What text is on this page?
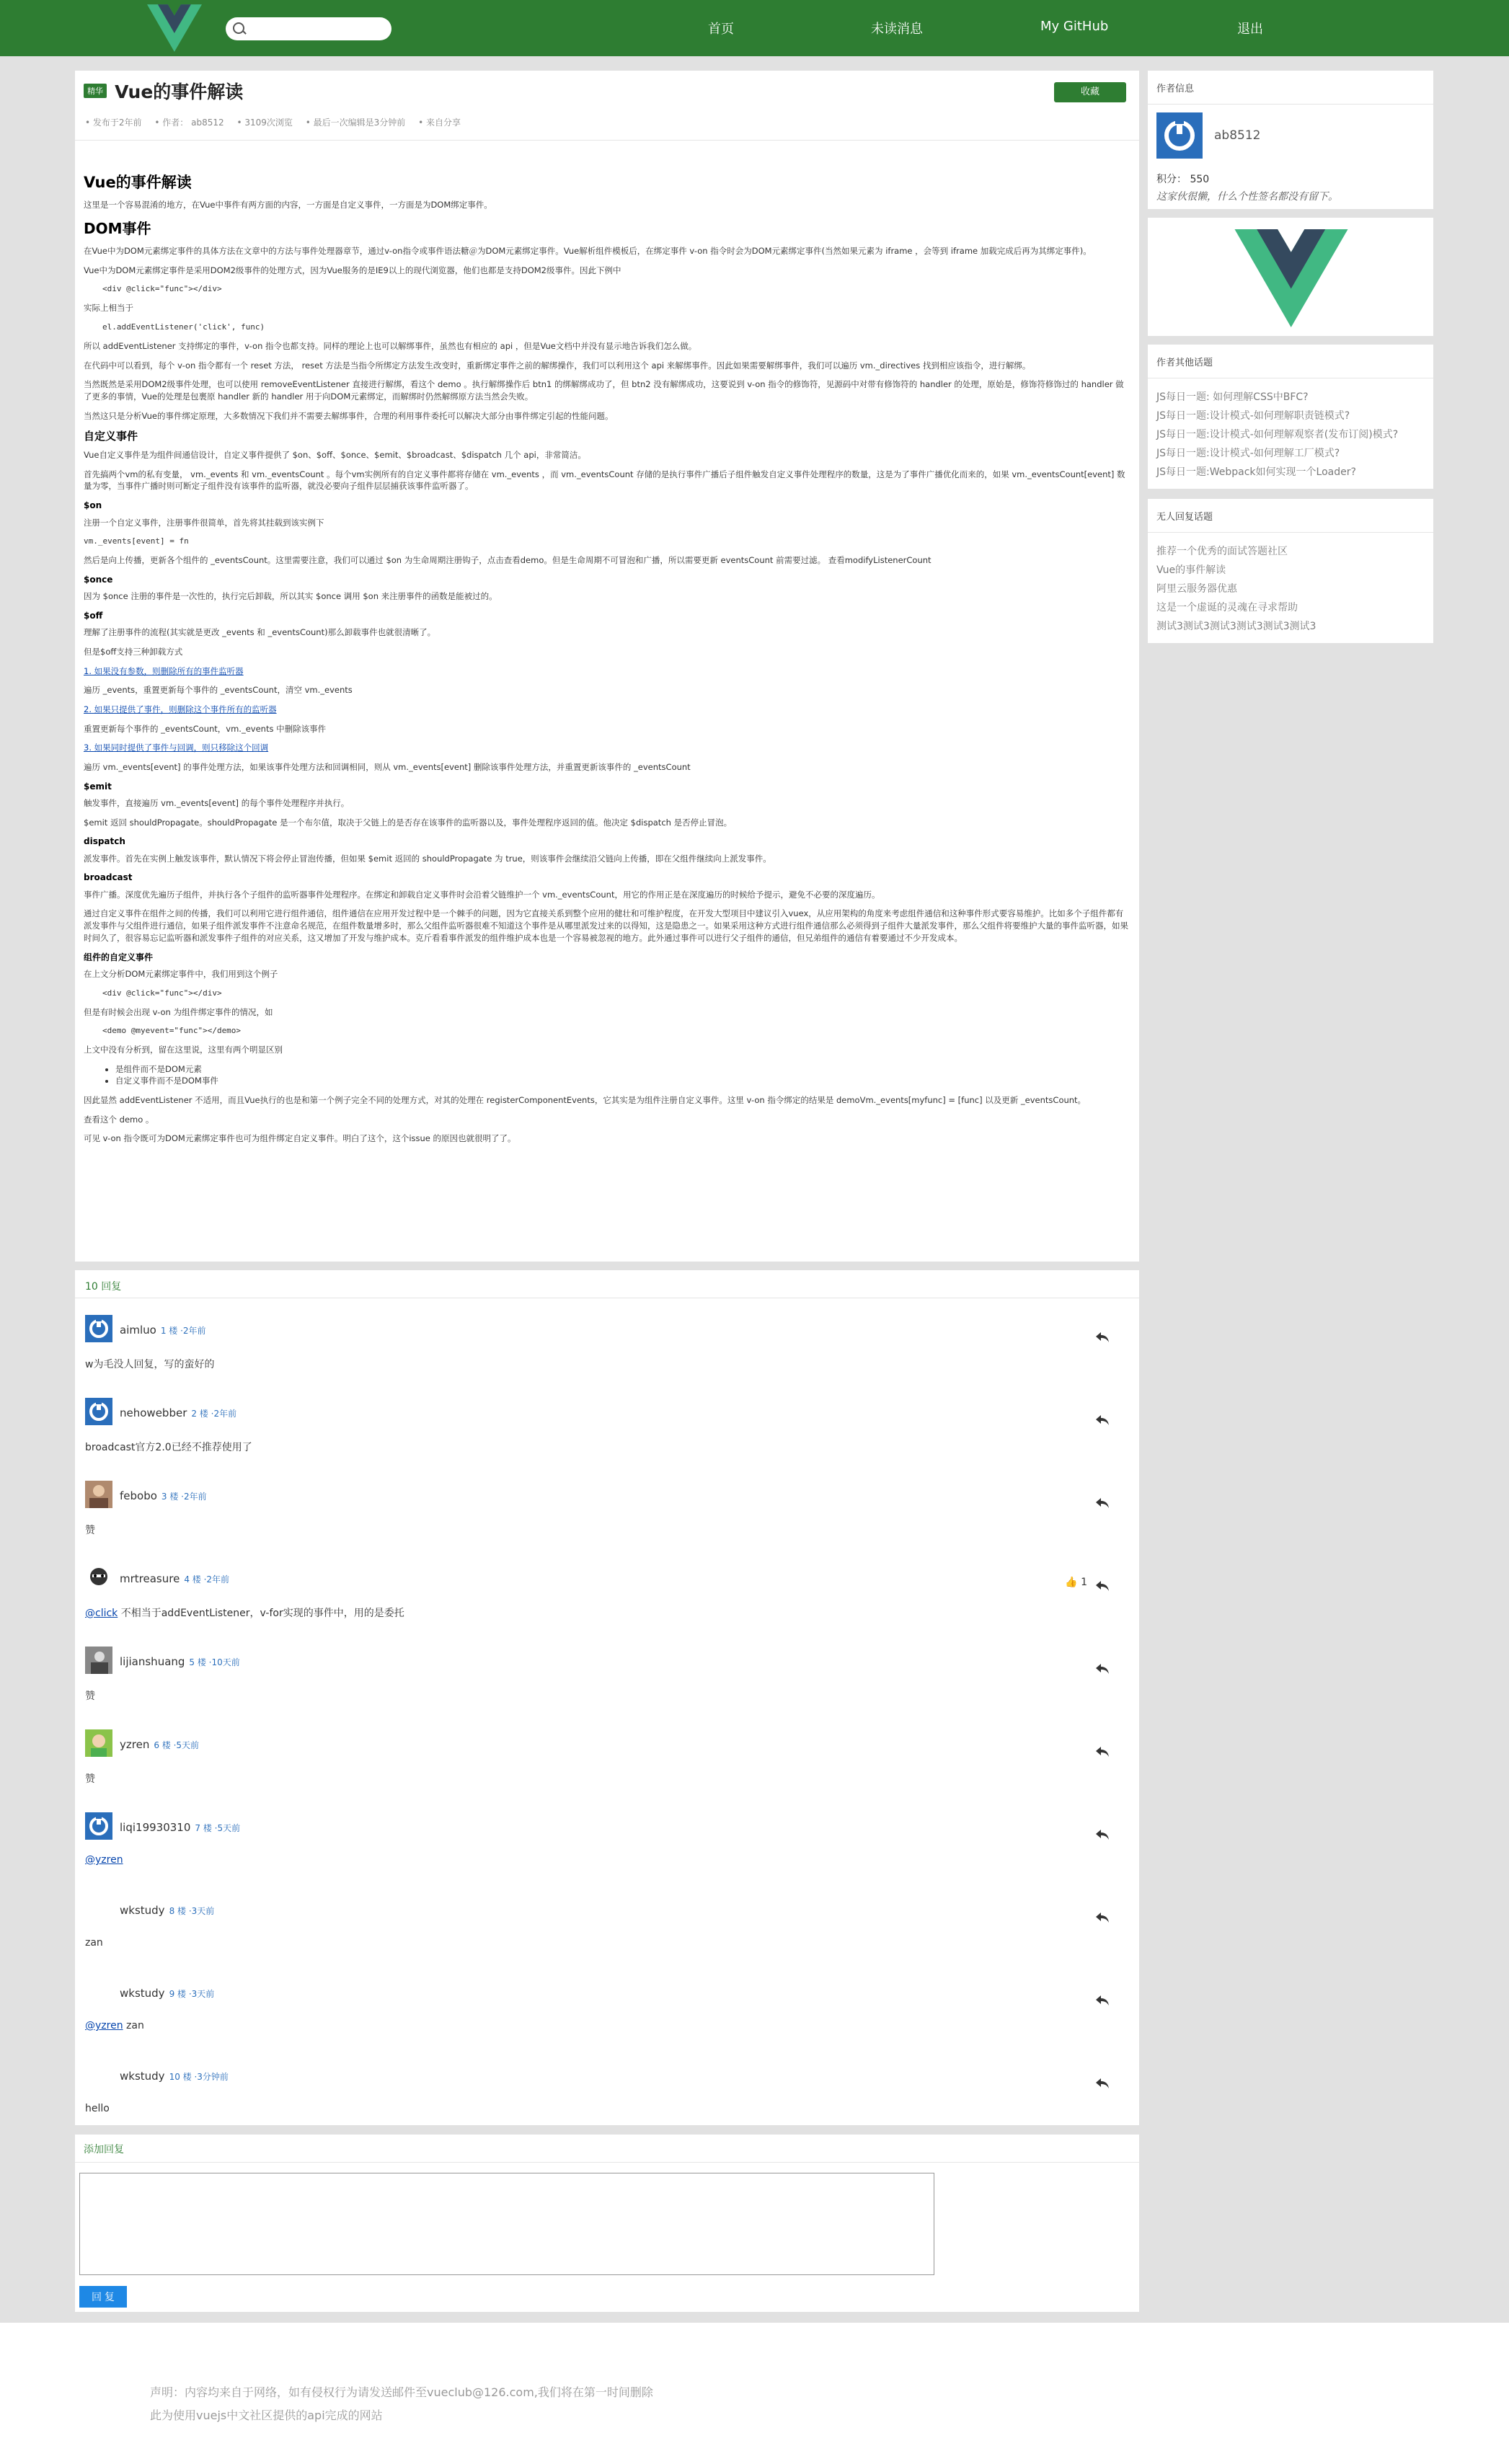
首页	未读消息	My GitHub	退出
精华 Vue的事件解读	收藏
• 发布于2年前 • 作者： ab8512 • 3109次浏览 • 最后一次编辑是3分钟前 • 来自分享
Vue的事件解读

这里是一个容易混淆的地方，在Vue中事件有两方面的内容，一方面是自定义事件，一方面是为DOM绑定事件。

DOM事件

在Vue中为DOM元素绑定事件的具体方法在文章中的方法与事件处理器章节，通过v-on指令或事件语法糖＠为DOM元素绑定事件。Vue解析组件模板后，在绑定事件 v-on 指令时会为DOM元素绑定事件(当然如果元素为 iframe ，会等到 iframe 加载完成后再为其绑定事件)。

Vue中为DOM元素绑定事件是采用DOM2级事件的处理方式，因为Vue服务的是IE9以上的现代浏览器，他们也都是支持DOM2级事件。因此下例中

<div @click="func"></div>

实际上相当于

el.addEventListener('click', func)

所以 addEventListener 支持绑定的事件，v-on 指令也都支持。同样的理论上也可以解绑事件，虽然也有相应的 api ，但是Vue文档中并没有显示地告诉我们怎么做。

在代码中可以看到，每个 v-on 指令都有一个 reset 方法， reset 方法是当指令所绑定方法发生改变时，重新绑定事件之前的解绑操作，我们可以利用这个 api 来解绑事件。因此如果需要解绑事件，我们可以遍历 vm._directives 找到相应该指令，进行解绑。

当然既然是采用DOM2级事件处理，也可以使用 removeEventListener 直接进行解绑，看这个 demo 。执行解绑操作后 btn1 的绑解绑成功了，但 btn2 没有解绑成功，这要说到 v-on 指令的修饰符，见源码中对带有修饰符的 handler 的处理，原始是，修饰符修饰过的 handler 做了更多的事情，Vue的处理是包裹原 handler 新的 handler 用于向DOM元素绑定，而解绑时仍然解绑原方法当然会失败。

当然这只是分析Vue的事件绑定原理，大多数情况下我们并不需要去解绑事件，合理的利用事件委托可以解决大部分由事件绑定引起的性能问题。

自定义事件

Vue自定义事件是为组件间通信设计，自定义事件提供了 $on、$off、$once、$emit、$broadcast、$dispatch 几个 api，非常简洁。

首先搞两个vm的私有变量， vm._events 和 vm._eventsCount 。每个vm实例所有的自定义事件都将存储在 vm._events ，而 vm._eventsCount 存储的是执行事件广播后子组件触发自定义事件处理程序的数量，这是为了事件广播优化而来的，如果 vm._eventsCount[event] 数量为零，当事件广播时则可断定子组件没有该事件的监听器，就没必要向子组件层层捕获该事件监听器了。

$on

注册一个自定义事件，注册事件很简单，首先将其挂载到该实例下

vm._events[event] = fn

然后是向上传播，更新各个组件的 _eventsCount。这里需要注意，我们可以通过 $on 为生命周期注册钩子，点击查看demo。但是生命周期不可冒泡和广播，所以需要更新 eventsCount 前需要过滤。 查看modifyListenerCount

$once

因为 $once 注册的事件是一次性的，执行完后卸载，所以其实 $once 调用 $on 来注册事件的函数是能被过的。

$off

理解了注册事件的流程(其实就是更改 _events 和 _eventsCount)那么卸载事件也就很清晰了。

但是$off支持三种卸载方式

1. 如果没有参数，则删除所有的事件监听器

遍历 _events，重置更新每个事件的 _eventsCount，清空 vm._events

2. 如果只提供了事件，则删除这个事件所有的监听器

重置更新每个事件的 _eventsCount，vm._events 中删除该事件

3. 如果同时提供了事件与回调，则只移除这个回调

遍历 vm._events[event] 的事件处理方法，如果该事件处理方法和回调相同，则从 vm._events[event] 删除该事件处理方法，并重置更新该事件的 _eventsCount

$emit

触发事件，直接遍历 vm._events[event] 的每个事件处理程序并执行。

$emit 返回 shouldPropagate。shouldPropagate 是一个布尔值，取决于父链上的是否存在该事件的监听器以及，事件处理程序返回的值。他决定 $dispatch 是否停止冒泡。

dispatch

派发事件。首先在实例上触发该事件，默认情况下将会停止冒泡传播，但如果 $emit 返回的 shouldPropagate 为 true，则该事件会继续沿父链向上传播，即在父组件继续向上派发事件。

broadcast

事件广播。深度优先遍历子组件，并执行各个子组件的监听器事件处理程序。在绑定和卸载自定义事件时会沿着父链维护一个 vm._eventsCount，用它的作用正是在深度遍历的时候给予提示，避免不必要的深度遍历。

通过自定义事件在组件之间的传播，我们可以利用它进行组件通信，组件通信在应用开发过程中是一个棘手的问题，因为它直接关系到整个应用的健壮和可维护程度，在开发大型项目中建议引入vuex，从应用架构的角度来考虑组件通信和这种事件形式要容易维护。比如多个子组件都有派发事件与父组件进行通信，如果子组件派发事件不注意命名规范，在组件数量增多时，那么父组件监听器很难不知道这个事件是从哪里派发过来的以得知，这是隐患之一。如果采用这种方式进行组件通信那么必须得到子组件大量派发事件，那么父组件将要维护大量的事件监听器，如果时间久了，很容易忘记监听器和派发事件子组件的对应关系，这又增加了开发与维护成本。克斤看看事件派发的组件维护成本也是一个容易被忽视的地方。此外通过事件可以进行父子组件的通信，但兄弟组件的通信有着要通过不少开发成本。

组件的自定义事件

在上文分析DOM元素绑定事件中，我们用到这个例子

<div @click="func"></div>

但是有时候会出现 v-on 为组件绑定事件的情况，如

<demo @myevent="func"></demo>

上文中没有分析到，留在这里说，这里有两个明显区别

• 是组件而不是DOM元素
• 自定义事件而不是DOM事件

因此显然 addEventListener 不适用，而且Vue执行的也是和第一个例子完全不同的处理方式，对其的处理在 registerComponentEvents，它其实是为组件注册自定义事件。这里 v-on 指令绑定的结果是 demoVm._events[myfunc] = [func] 以及更新 _eventsCount。

查看这个 demo 。

可见 v-on 指令既可为DOM元素绑定事件也可为组件绑定自定义事件。明白了这个，这个issue 的原因也就很明了了。

10 回复
aimluo 1 楼 ·2年前
w为毛没人回复，写的蛮好的
nehowebber 2 楼 ·2年前
broadcast官方2.0已经不推荐使用了
febobo 3 楼 ·2年前
赞
mrtreasure 4 楼 ·2年前
@click 不相当于addEventListener，v-for实现的事件中，用的是委托
👍 1
lijianshuang 5 楼 ·10天前
赞
yzren 6 楼 ·5天前
赞
liqi19930310 7 楼 ·5天前
@yzren
wkstudy 8 楼 ·3天前
zan
wkstudy 9 楼 ·3天前
@yzren zan
wkstudy 10 楼 ·3分钟前
hello
添加回复
回 复
作者信息
ab8512
积分： 550
这家伙很懒，什么个性签名都没有留下。
作者其他话题
JS每日一题: 如何理解CSS中BFC?
JS每日一题:设计模式-如何理解职责链模式?
JS每日一题:设计模式-如何理解观察者(发布订阅)模式?
JS每日一题:设计模式-如何理解工厂模式?
JS每日一题:Webpack如何实现一个Loader?
无人回复话题
推荐一个优秀的面试答题社区
Vue的事件解读
阿里云服务器优惠
这是一个虚诞的灵魂在寻求帮助
测试3测试3测试3测试3测试3测试3
声明：内容均来自于网络，如有侵权行为请发送邮件至vueclub@126.com,我们将在第一时间删除
此为使用vuejs中文社区提供的api完成的网站
